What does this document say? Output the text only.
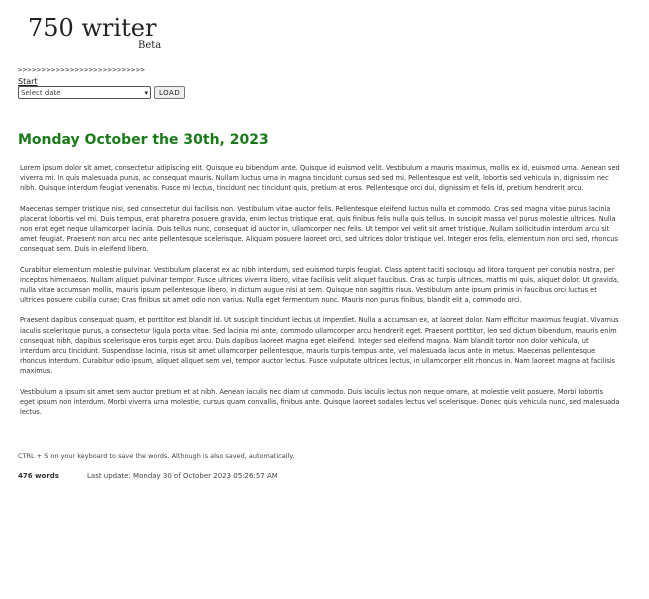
750 writer
Beta
>>>>>>>>>>>>>>>>>>>>>>>>>>>
Start
Select date	▾	LOAD
Monday October the 30th, 2023

Lorem ipsum dolor sit amet, consectetur adipiscing elit. Quisque eu bibendum ante. Quisque id euismod velit. Vestibulum a mauris maximus, mollis ex id, euismod urna. Aenean sed viverra mi. In quis malesuada purus, ac consequat mauris. Nullam luctus urna in magna tincidunt cursus sed sed mi. Pellentesque est velit, lobortis sed vehicula in, dignissim nec nibh. Quisque interdum feugiat venenatis. Fusce mi lectus, tincidunt nec tincidunt quis, pretium at eros. Pellentesque orci dui, dignissim et felis id, pretium hendrerit arcu.

Maecenas semper tristique nisi, sed consectetur dui facilisis non. Vestibulum vitae auctor felis. Pellentesque eleifend luctus nulla et commodo. Cras sed magna vitae purus lacinia placerat lobortis vel mi. Duis tempus, erat pharetra posuere gravida, enim lectus tristique erat, quis finibus felis nulla quis tellus. In suscipit massa vel purus molestie ultrices. Nulla non erat eget neque ullamcorper lacinia. Duis tellus nunc, consequat id auctor in, ullamcorper nec felis. Ut tempor vel velit sit amet tristique. Nullam sollicitudin interdum arcu sit amet feugiat. Praesent non arcu nec ante pellentesque scelerisque. Aliquam posuere laoreet orci, sed ultrices dolor tristique vel. Integer eros felis, elementum non orci sed, rhoncus consequat sem. Duis in eleifend libero.

Curabitur elementum molestie pulvinar. Vestibulum placerat ex ac nibh interdum, sed euismod turpis feugiat. Class aptent taciti sociosqu ad litora torquent per conubia nostra, per inceptos himenaeos. Nullam aliquet pulvinar tempor. Fusce ultrices viverra libero, vitae facilisis velit aliquet faucibus. Cras ac turpis ultrices, mattis mi quis, aliquet dolor. Ut gravida, nulla vitae accumsan mollis, mauris ipsum pellentesque libero, in dictum augue nisi at sem. Quisque non sagittis risus. Vestibulum ante ipsum primis in faucibus orci luctus et ultrices posuere cubilia curae; Cras finibus sit amet odio non varius. Nulla eget fermentum nunc. Mauris non purus finibus, blandit elit a, commodo orci.

Praesent dapibus consequat quam, et porttitor est blandit id. Ut suscipit tincidunt lectus ut imperdiet. Nulla a accumsan ex, at laoreet dolor. Nam efficitur maximus feugiat. Vivamus iaculis scelerisque purus, a consectetur ligula porta vitae. Sed lacinia mi ante, commodo ullamcorper arcu hendrerit eget. Praesent porttitor, leo sed dictum bibendum, mauris enim consequat nibh, dapibus scelerisque eros turpis eget arcu. Duis dapibus laoreet magna eget eleifend. Integer sed eleifend magna. Nam blandit tortor non dolor vehicula, ut interdum arcu tincidunt. Suspendisse lacinia, risus sit amet ullamcorper pellentesque, mauris turpis tempus ante, vel malesuada lacus ante in metus. Maecenas pellentesque rhoncus interdum. Curabitur odio ipsum, aliquet aliquet sem vel, tempor auctor lectus. Fusce vulputate ultrices lectus, in ullamcorper elit rhoncus in. Nam laoreet magna at facilisis maximus.

Vestibulum a ipsum sit amet sem auctor pretium et at nibh. Aenean iaculis nec diam ut commodo. Duis iaculis lectus non neque ornare, at molestie velit posuere. Morbi lobortis eget ipsum non interdum. Morbi viverra urna molestie, cursus quam convallis, finibus ante. Quisque laoreet sodales lectus vel scelerisque. Donec quis vehicula nunc, sed malesuada lectus.

CTRL + S on your keyboard to save the words. Although is also saved, automatically.
476 words	Last update: Monday 30 of October 2023 05:26:57 AM
